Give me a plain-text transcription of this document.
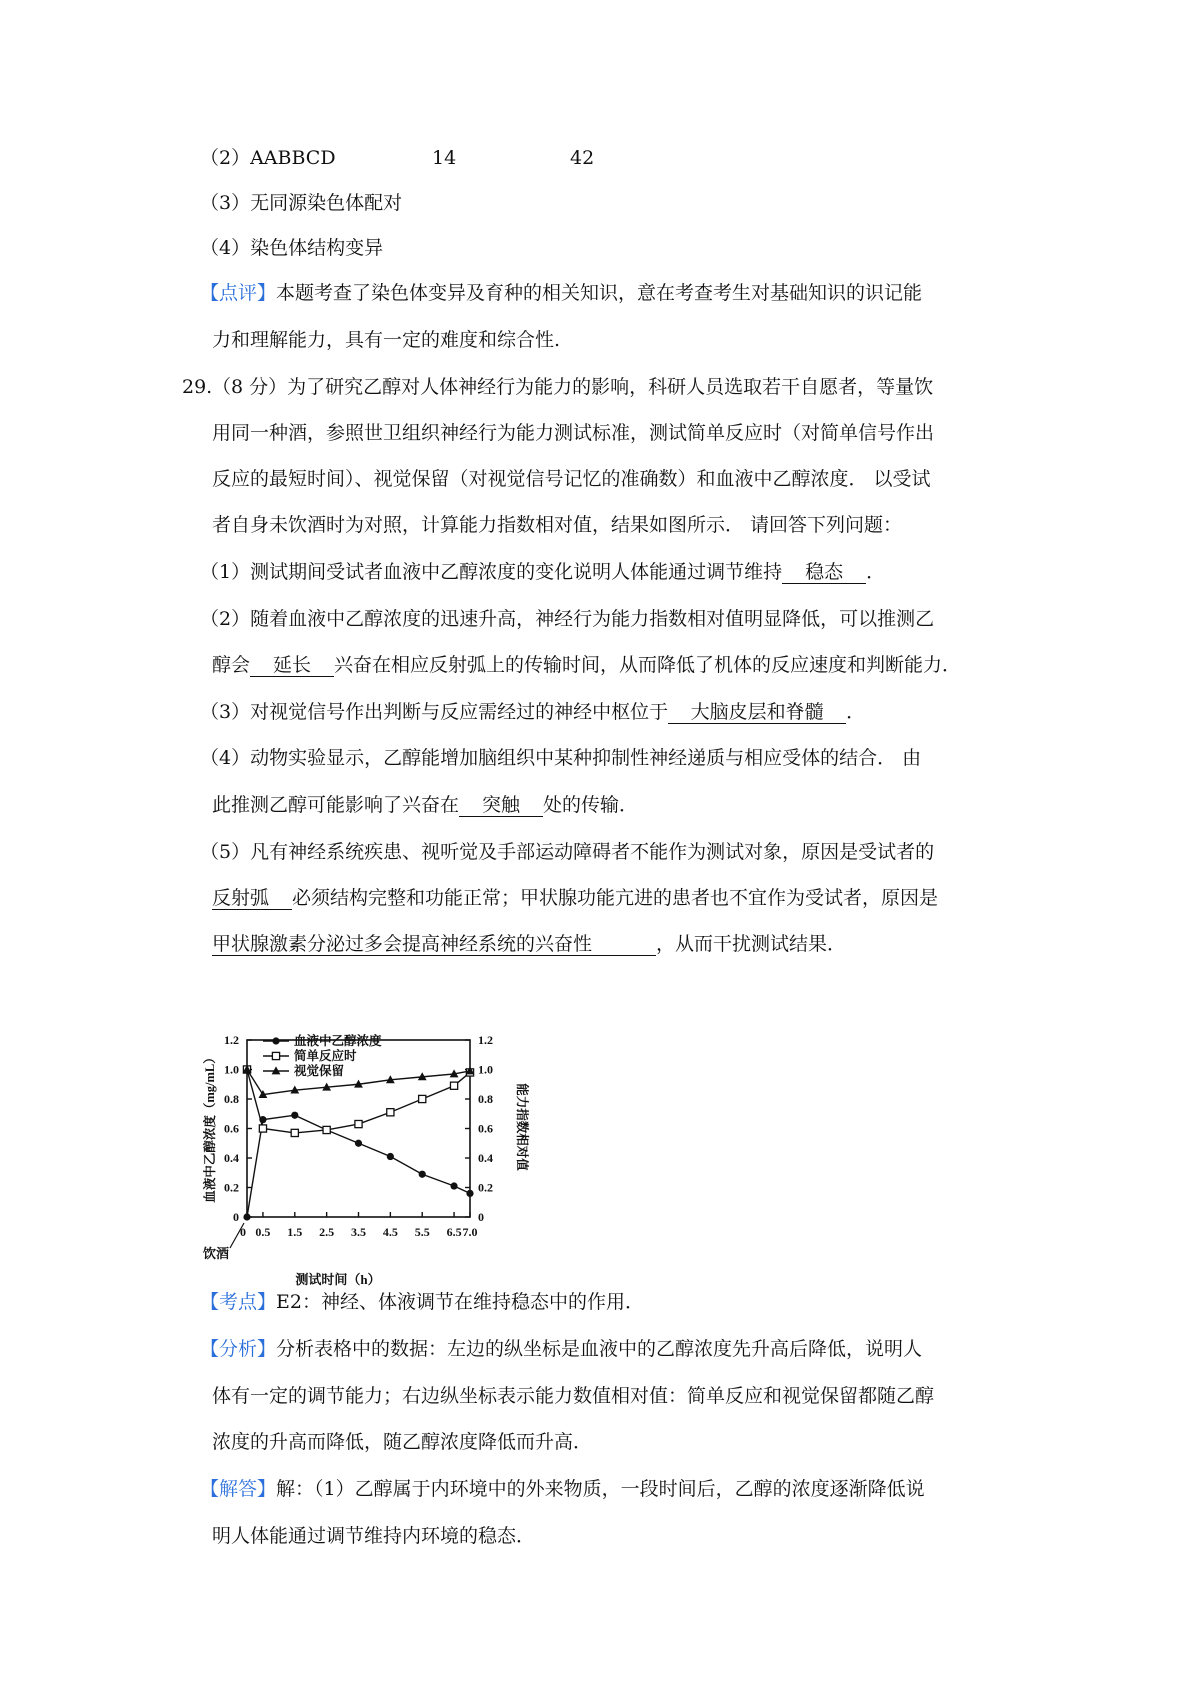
（2）AABBCD	14	42
（3）无同源染色体配对
（4）染色体结构变异
【点评】本题考查了染色体变异及育种的相关知识，意在考查考生对基础知识的识记能
力和理解能力，具有一定的难度和综合性.
29. （8 分）为了研究乙醇对人体神经行为能力的影响，科研人员选取若干自愿者，等量饮
用同一种酒，参照世卫组织神经行为能力测试标准，测试简单反应时（对简单信号作出
反应的最短时间）、视觉保留（对视觉信号记忆的准确数）和血液中乙醇浓度． 以受试
者自身未饮酒时为对照，计算能力指数相对值，结果如图所示． 请回答下列问题：
（1）测试期间受试者血液中乙醇浓度的变化说明人体能通过调节维持 稳态 ．
（2）随着血液中乙醇浓度的迅速升高，神经行为能力指数相对值明显降低，可以推测乙
醇会 延长 兴奋在相应反射弧上的传输时间，从而降低了机体的反应速度和判断能力．
（3）对视觉信号作出判断与反应需经过的神经中枢位于 大脑皮层和脊髓 ．
（4）动物实验显示，乙醇能增加脑组织中某种抑制性神经递质与相应受体的结合． 由
此推测乙醇可能影响了兴奋在 突触 处的传输．
（5）凡有神经系统疾患、视听觉及手部运动障碍者不能作为测试对象，原因是受试者的
反射弧 必须结构完整和功能正常；甲状腺功能亢进的患者也不宜作为受试者，原因是
甲状腺激素分泌过多会提高神经系统的兴奋性	，从而干扰测试结果．
0	0
0.2	0.2
0.4	0.4
0.6	0.6
0.8	0.8
1.0	1.0
1.2	1.2
0 0.5 1.5 2.5 3.5 4.5 5.5 6.5 7.0
血液中乙醇浓度
简单反应时
视觉保留
测试时间（h）
饮酒
血液中乙醇浓度（mg/mL）	能力指数相对值
【考点】E2：神经、体液调节在维持稳态中的作用．
【分析】分析表格中的数据：左边的纵坐标是血液中的乙醇浓度先升高后降低，说明人
体有一定的调节能力；右边纵坐标表示能力数值相对值：简单反应和视觉保留都随乙醇
浓度的升高而降低，随乙醇浓度降低而升高．
【解答】解：（1）乙醇属于内环境中的外来物质，一段时间后，乙醇的浓度逐渐降低说
明人体能通过调节维持内环境的稳态．
